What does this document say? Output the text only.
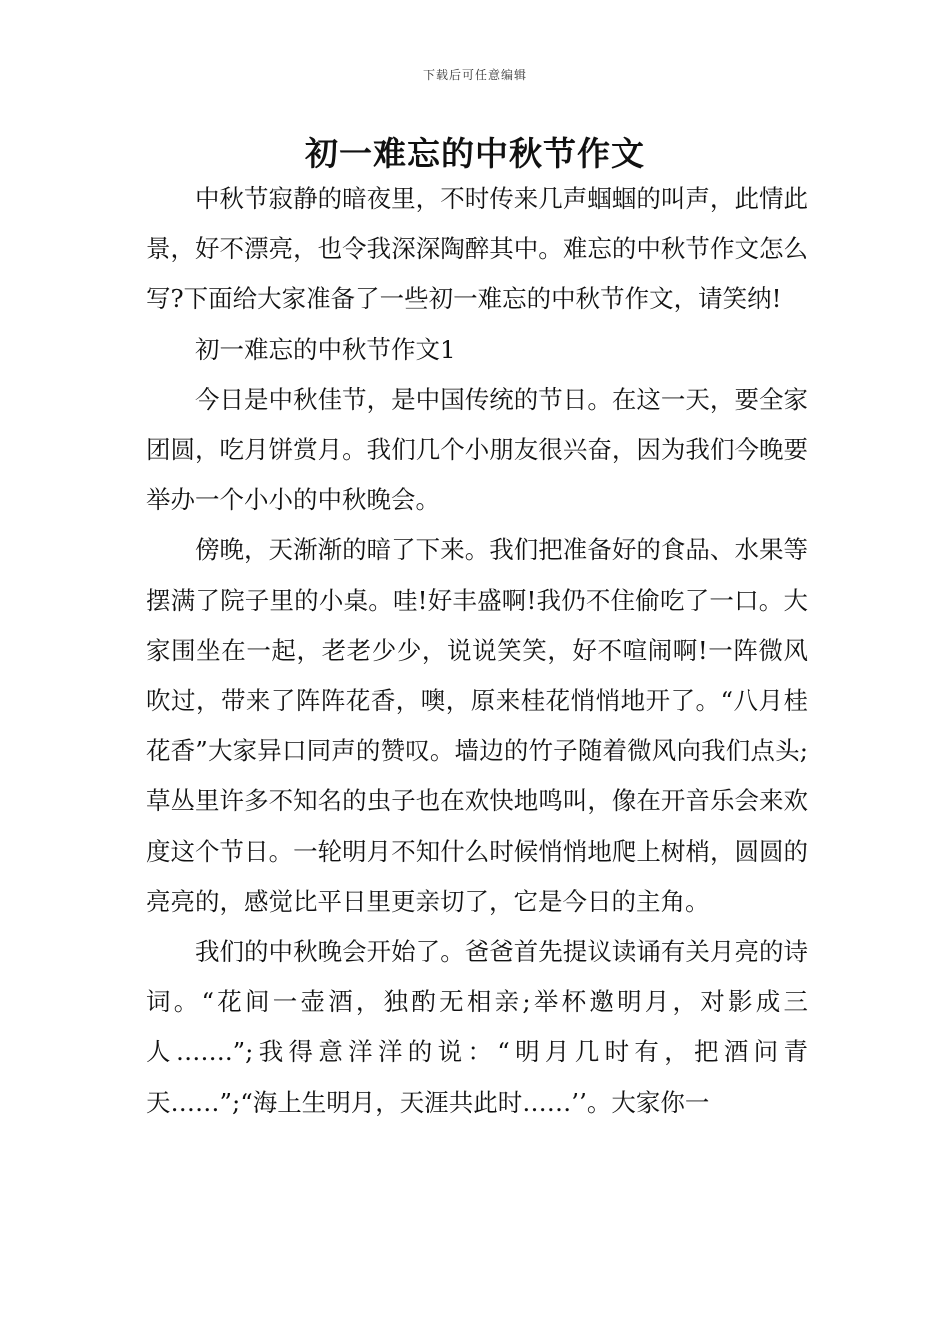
下载后可任意编辑
初一难忘的中秋节作文

中秋节寂静的暗夜里，不时传来几声蝈蝈的叫声，此情此景，好不漂亮，也令我深深陶醉其中。难忘的中秋节作文怎么写?下面给大家准备了一些初一难忘的中秋节作文，请笑纳!

初一难忘的中秋节作文1

今日是中秋佳节，是中国传统的节日。在这一天，要全家团圆，吃月饼赏月。我们几个小朋友很兴奋，因为我们今晚要举办一个小小的中秋晚会。

傍晚，天渐渐的暗了下来。我们把准备好的食品、水果等摆满了院子里的小桌。哇!好丰盛啊!我仍不住偷吃了一口。大家围坐在一起，老老少少，说说笑笑，好不喧闹啊!一阵微风吹过，带来了阵阵花香，噢，原来桂花悄悄地开了。“八月桂花香”大家异口同声的赞叹。墙边的竹子随着微风向我们点头;草丛里许多不知名的虫子也在欢快地鸣叫，像在开音乐会来欢度这个节日。一轮明月不知什么时候悄悄地爬上树梢，圆圆的亮亮的，感觉比平日里更亲切了，它是今日的主角。

我们的中秋晚会开始了。爸爸首先提议读诵有关月亮的诗词。“花间一壶酒，独酌无相亲;举杯邀明月，对影成三人…….”;我得意洋洋的说：“明月几时有，把酒问青天……”;“海上生明月，天涯共此时……’’。大家你一
